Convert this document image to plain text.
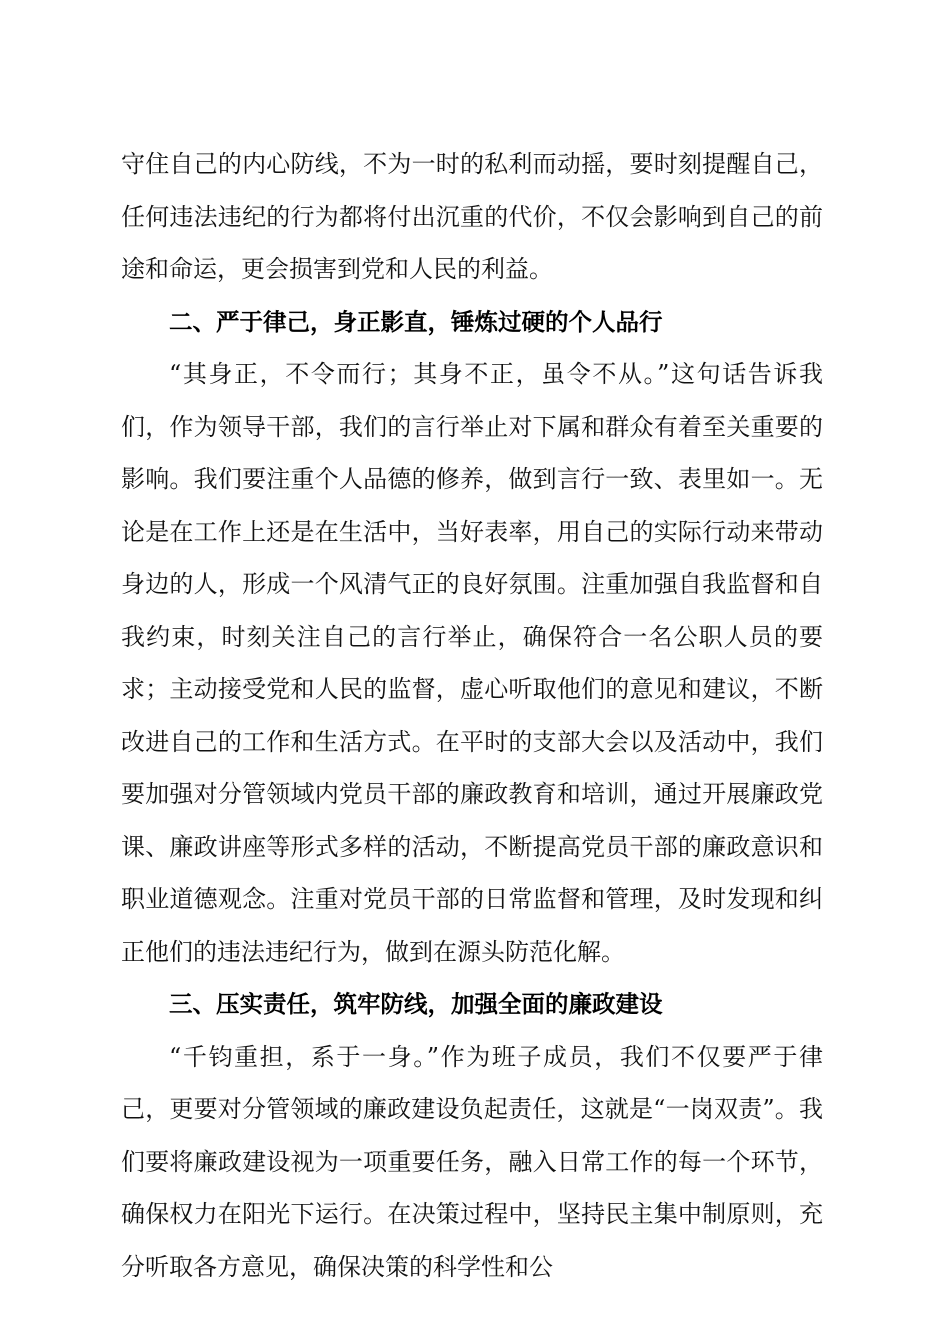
守住自己的内心防线，不为一时的私利而动摇，要时刻提醒自己，任何违法违纪的行为都将付出沉重的代价，不仅会影响到自己的前途和命运，更会损害到党和人民的利益。

二、严于律己，身正影直，锤炼过硬的个人品行

“其身正，不令而行；其身不正，虽令不从。”这句话告诉我们，作为领导干部，我们的言行举止对下属和群众有着至关重要的影响。我们要注重个人品德的修养，做到言行一致、表里如一。无论是在工作上还是在生活中，当好表率，用自己的实际行动来带动身边的人，形成一个风清气正的良好氛围。注重加强自我监督和自我约束，时刻关注自己的言行举止，确保符合一名公职人员的要求；主动接受党和人民的监督，虚心听取他们的意见和建议，不断改进自己的工作和生活方式。在平时的支部大会以及活动中，我们要加强对分管领域内党员干部的廉政教育和培训，通过开展廉政党课、廉政讲座等形式多样的活动，不断提高党员干部的廉政意识和职业道德观念。注重对党员干部的日常监督和管理，及时发现和纠正他们的违法违纪行为，做到在源头防范化解。

三、压实责任，筑牢防线，加强全面的廉政建设

“千钧重担，系于一身。”作为班子成员，我们不仅要严于律己，更要对分管领域的廉政建设负起责任，这就是“一岗双责”。我们要将廉政建设视为一项重要任务，融入日常工作的每一个环节，确保权力在阳光下运行。在决策过程中，坚持民主集中制原则，充分听取各方意见，确保决策的科学性和公
